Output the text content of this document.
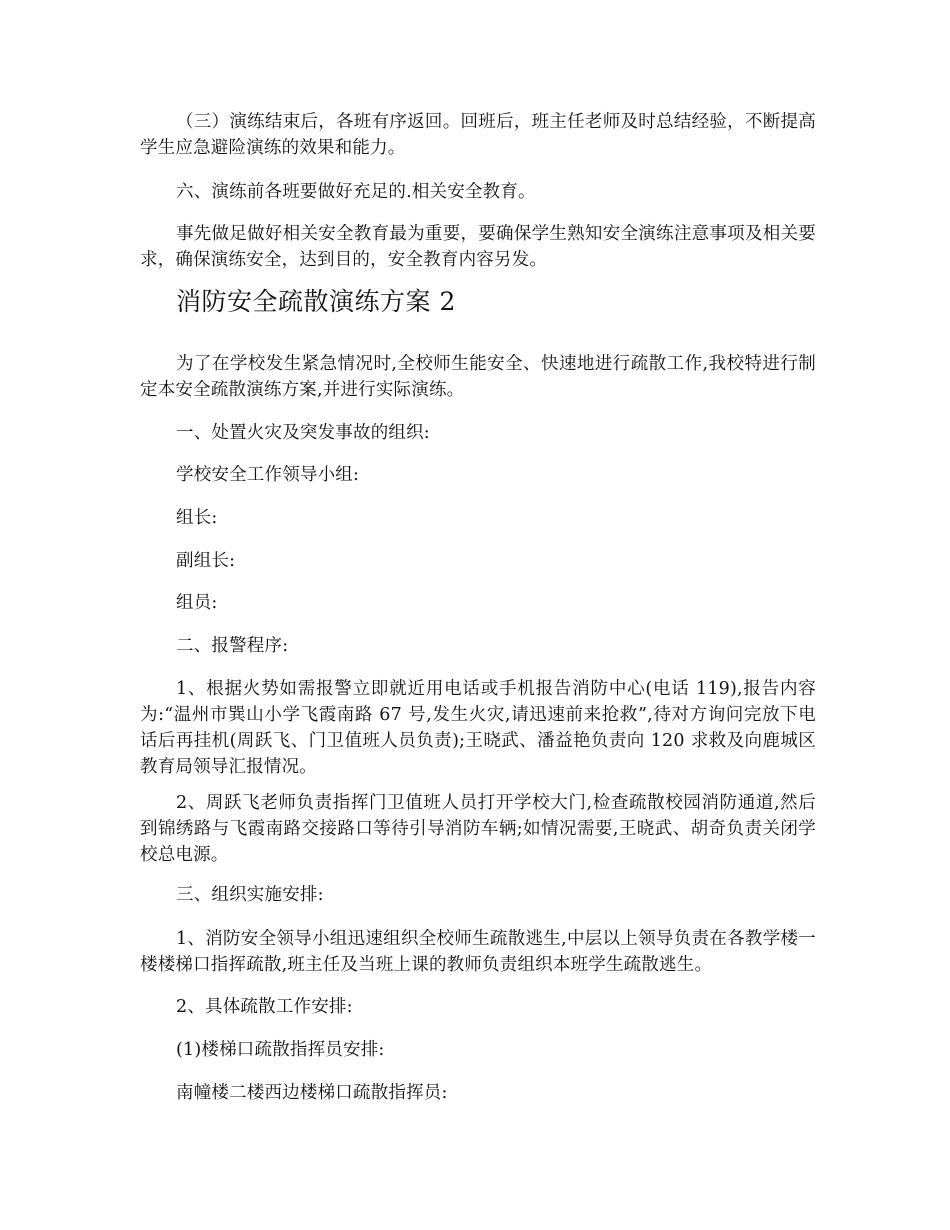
（三）演练结束后，各班有序返回。回班后，班主任老师及时总结经验，不断提高学生应急避险演练的效果和能力。

六、演练前各班要做好充足的.相关安全教育。

事先做足做好相关安全教育最为重要，要确保学生熟知安全演练注意事项及相关要求，确保演练安全，达到目的，安全教育内容另发。

消防安全疏散演练方案 2

为了在学校发生紧急情况时,全校师生能安全、快速地进行疏散工作,我校特进行制定本安全疏散演练方案,并进行实际演练。

一、处置火灾及突发事故的组织:

学校安全工作领导小组:

组长:

副组长:

组员:

二、报警程序:

1、根据火势如需报警立即就近用电话或手机报告消防中心(电话 119),报告内容为:“温州市巽山小学飞霞南路 67 号,发生火灾,请迅速前来抢救”,待对方询问完放下电话后再挂机(周跃飞、门卫值班人员负责);王晓武、潘益艳负责向 120 求救及向鹿城区教育局领导汇报情况。

2、周跃飞老师负责指挥门卫值班人员打开学校大门,检查疏散校园消防通道,然后到锦绣路与飞霞南路交接路口等待引导消防车辆;如情况需要,王晓武、胡奇负责关闭学校总电源。

三、组织实施安排:

1、消防安全领导小组迅速组织全校师生疏散逃生,中层以上领导负责在各教学楼一楼楼梯口指挥疏散,班主任及当班上课的教师负责组织本班学生疏散逃生。

2、具体疏散工作安排:

(1)楼梯口疏散指挥员安排:

南幢楼二楼西边楼梯口疏散指挥员:
